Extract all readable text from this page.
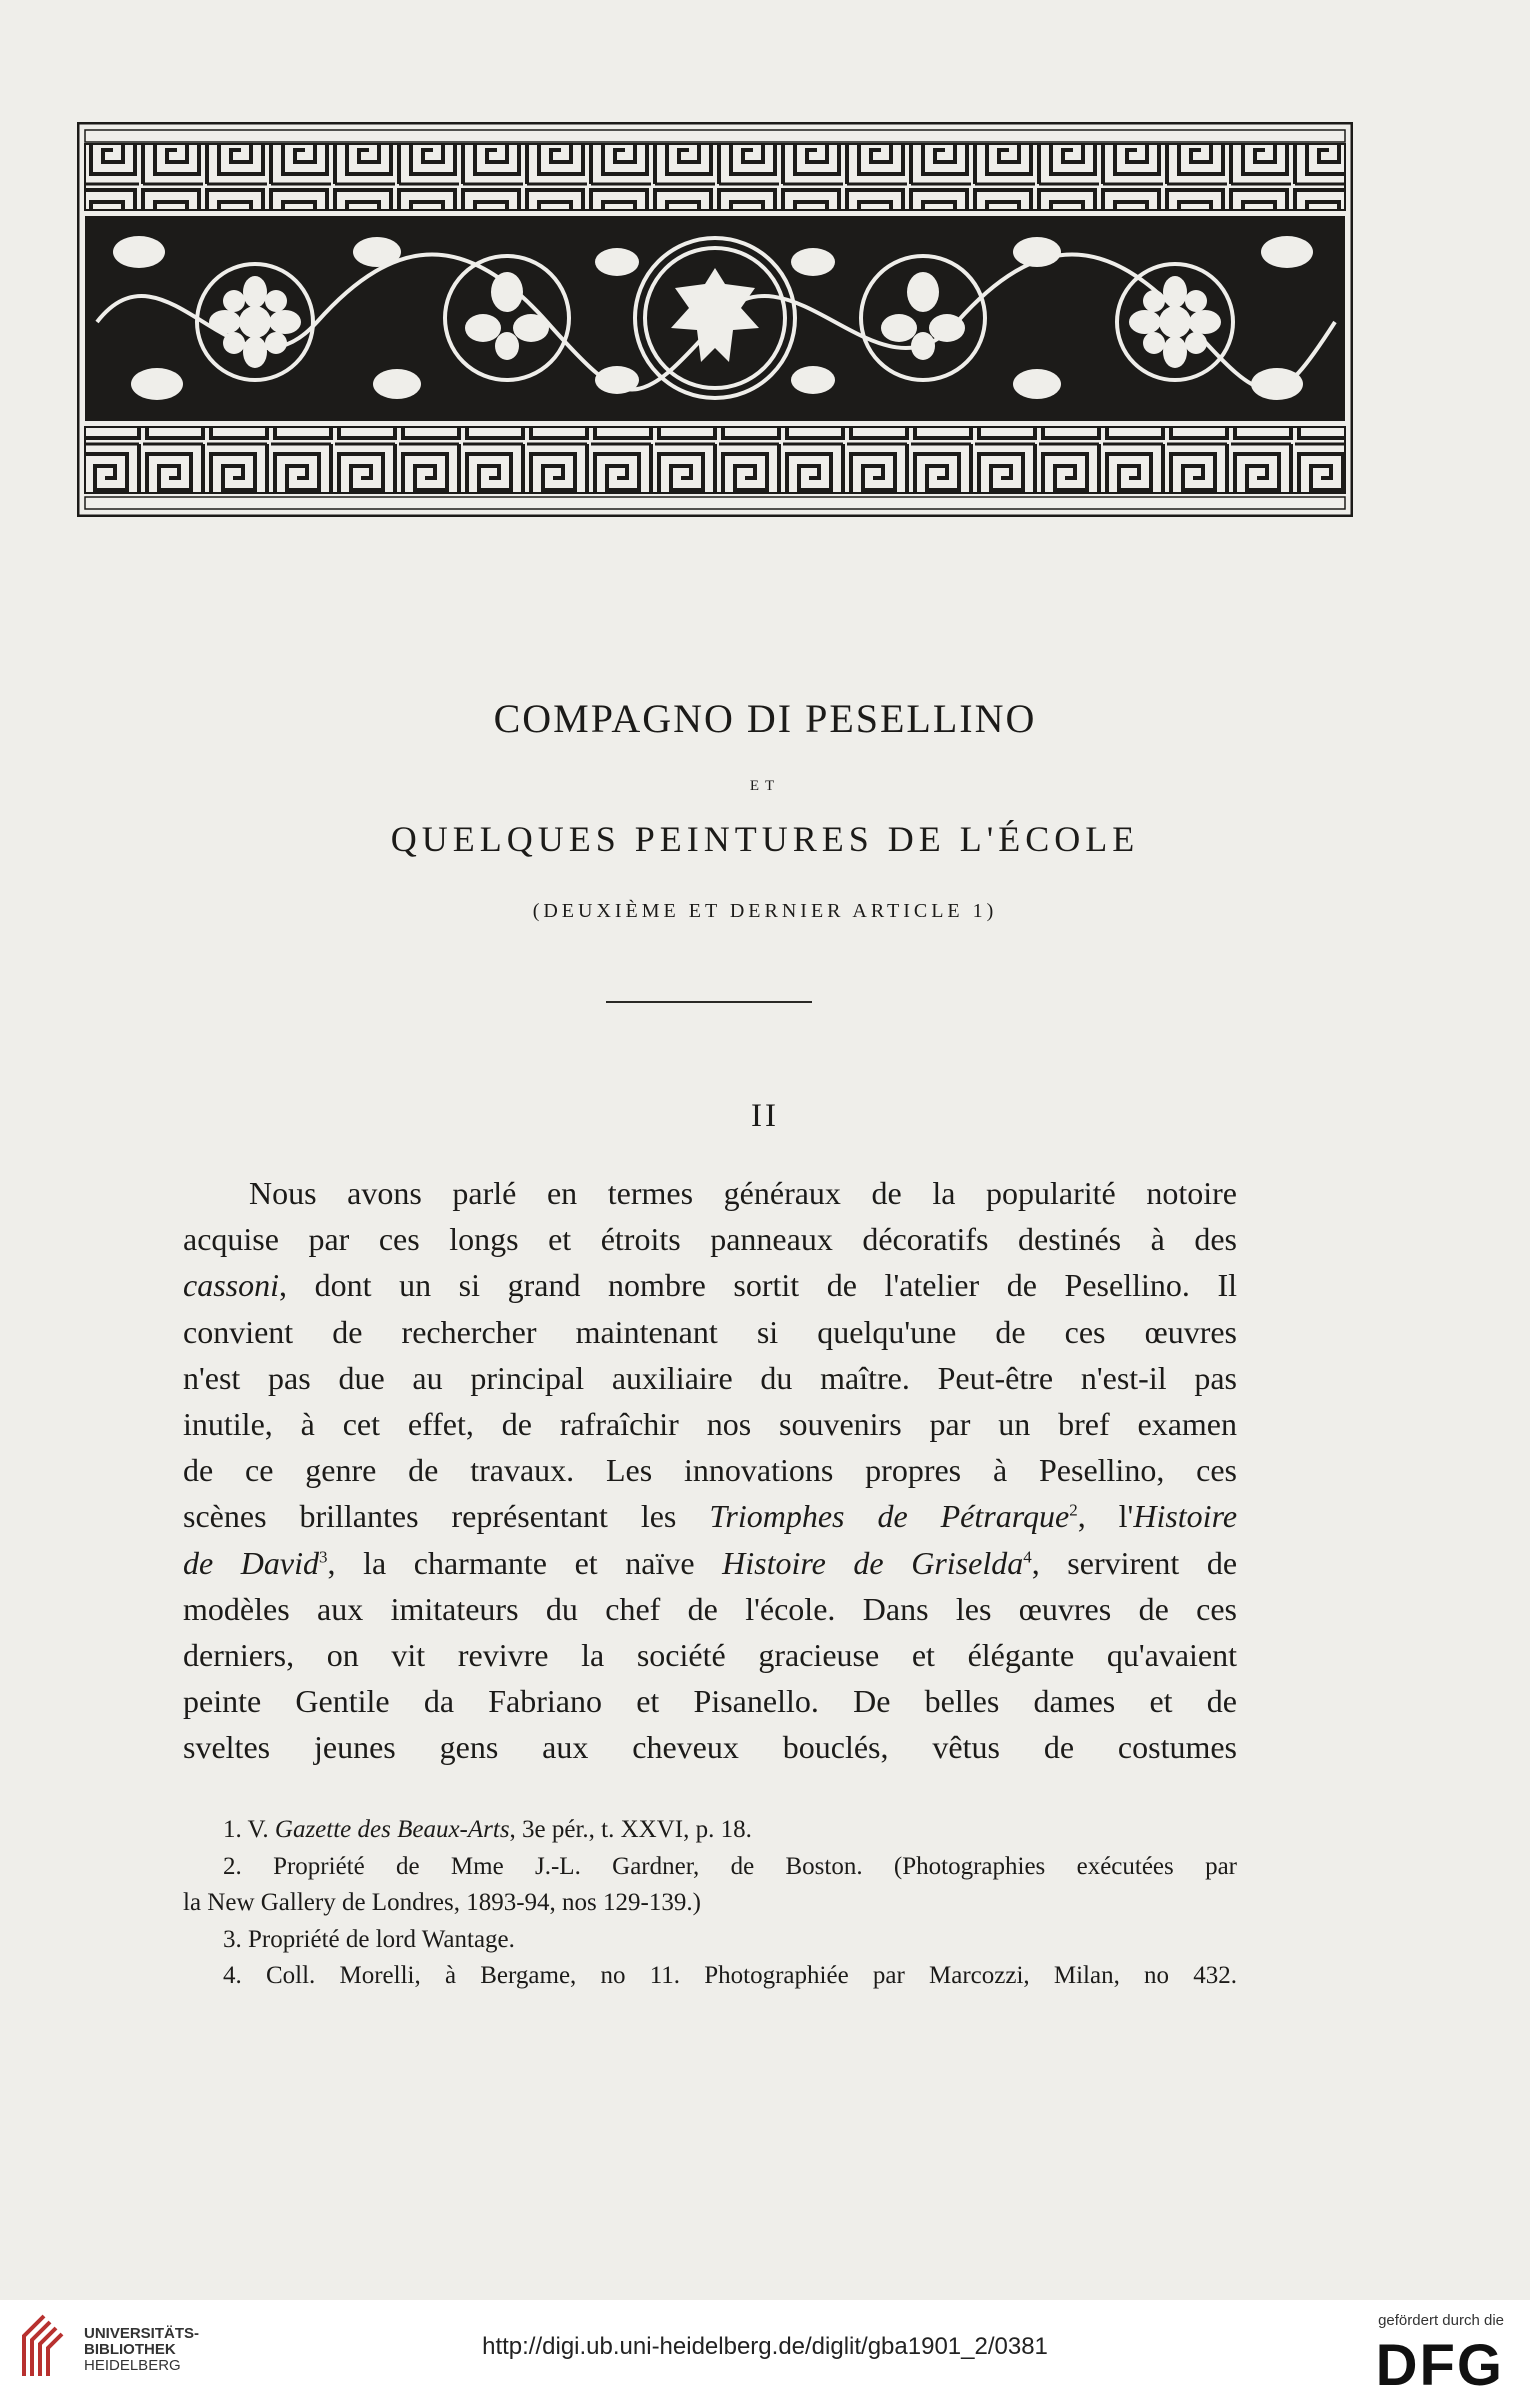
COMPAGNO DI PESELLINO
ET
QUELQUES PEINTURES DE L'ÉCOLE
(DEUXIÈME ET DERNIER ARTICLE 1)
II
Nous avons parlé en termes généraux de la popularité notoire
acquise par ces longs et étroits panneaux décoratifs destinés à des
cassoni, dont un si grand nombre sortit de l'atelier de Pesellino. Il
convient de rechercher maintenant si quelqu'une de ces œuvres
n'est pas due au principal auxiliaire du maître. Peut-être n'est-il pas
inutile, à cet effet, de rafraîchir nos souvenirs par un bref examen
de ce genre de travaux. Les innovations propres à Pesellino, ces
scènes brillantes représentant les Triomphes de Pétrarque$^2$, l'Histoire
de David$^3$, la charmante et naïve Histoire de Griselda$^4$, servirent de
modèles aux imitateurs du chef de l'école. Dans les œuvres de ces
derniers, on vit revivre la société gracieuse et élégante qu'avaient
peinte Gentile da Fabriano et Pisanello. De belles dames et de
sveltes jeunes gens aux cheveux bouclés, vêtus de costumes
1. V. Gazette des Beaux-Arts, 3e pér., t. XXVI, p. 18.
2. Propriété de Mme J.-L. Gardner, de Boston. (Photographies exécutées par
la New Gallery de Londres, 1893-94, nos 129-139.)
3. Propriété de lord Wantage.
4. Coll. Morelli, à Bergame, no 11. Photographiée par Marcozzi, Milan, no 432.
UNIVERSITÄTS-
BIBLIOTHEK
HEIDELBERG
http://digi.ub.uni-heidelberg.de/diglit/gba1901_2/0381
gefördert durch die
DFG
